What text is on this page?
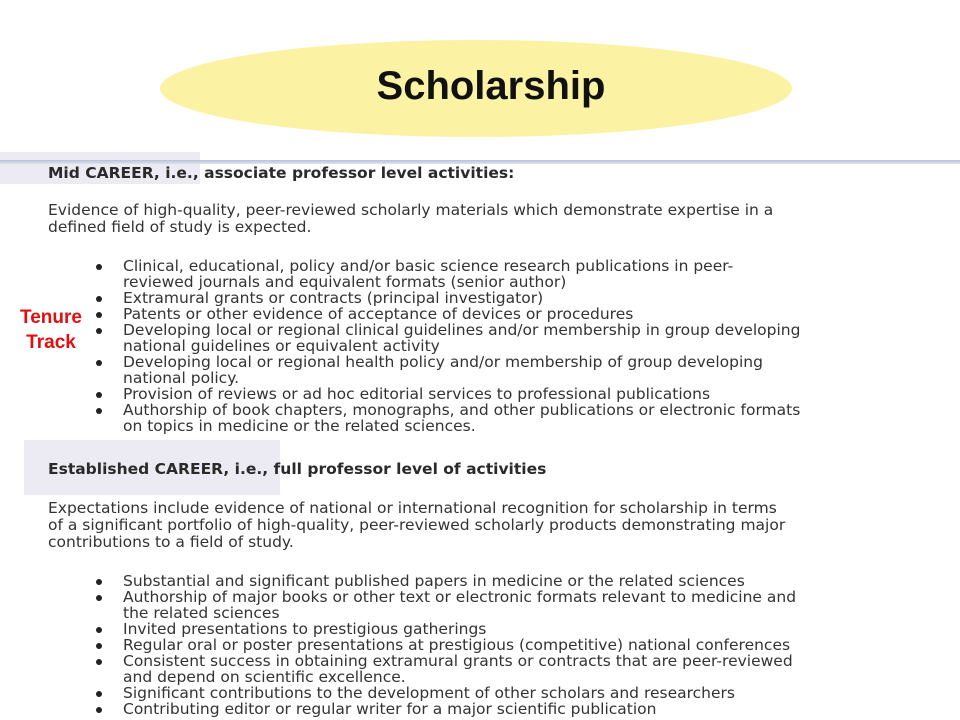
Scholarship
Tenure
Track
Mid CAREER, i.e., associate professor level activities:
Evidence of high-quality, peer-reviewed scholarly materials which demonstrate expertise in a
defined field of study is expected.
Clinical, educational, policy and/or basic science research publications in peer-
reviewed journals and equivalent formats (senior author)
Extramural grants or contracts (principal investigator)
Patents or other evidence of acceptance of devices or procedures
Developing local or regional clinical guidelines and/or membership in group developing
national guidelines or equivalent activity
Developing local or regional health policy and/or membership of group developing
national policy.
Provision of reviews or ad hoc editorial services to professional publications
Authorship of book chapters, monographs, and other publications or electronic formats
on topics in medicine or the related sciences.
Established CAREER, i.e., full professor level of activities
Expectations include evidence of national or international recognition for scholarship in terms
of a significant portfolio of high-quality, peer-reviewed scholarly products demonstrating major
contributions to a field of study.
Substantial and significant published papers in medicine or the related sciences
Authorship of major books or other text or electronic formats relevant to medicine and
the related sciences
Invited presentations to prestigious gatherings
Regular oral or poster presentations at prestigious (competitive) national conferences
Consistent success in obtaining extramural grants or contracts that are peer-reviewed
and depend on scientific excellence.
Significant contributions to the development of other scholars and researchers
Contributing editor or regular writer for a major scientific publication
